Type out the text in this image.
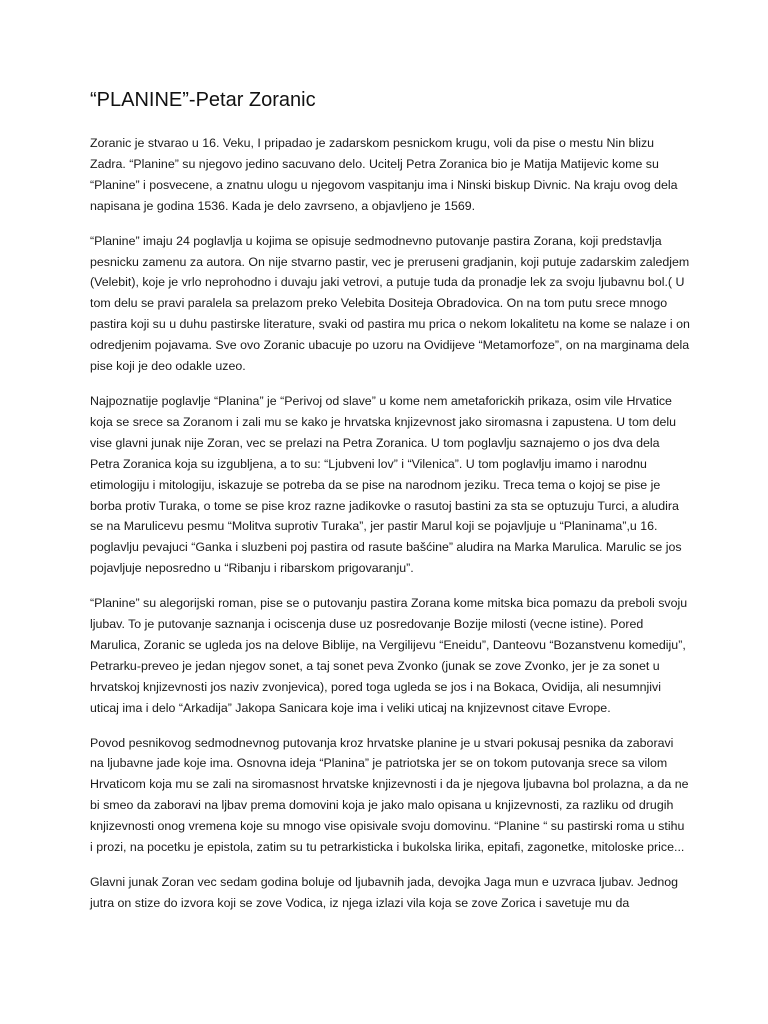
“PLANINE”-Petar Zoranic

Zoranic je stvarao u 16. Veku, I pripadao je zadarskom pesnickom krugu, voli da pise o mestu Nin blizu Zadra. “Planine” su njegovo jedino sacuvano delo. Ucitelj Petra Zoranica bio je Matija Matijevic kome su “Planine” i posvecene, a znatnu ulogu u njegovom vaspitanju ima i Ninski biskup Divnic. Na kraju ovog dela napisana je godina 1536. Kada je delo zavrseno, a objavljeno je 1569.

“Planine” imaju 24 poglavlja u kojima se opisuje sedmodnevno putovanje pastira Zorana, koji predstavlja pesnicku zamenu za autora. On nije stvarno pastir, vec je preruseni gradjanin, koji putuje zadarskim zaledjem (Velebit), koje je vrlo neprohodno i duvaju jaki vetrovi, a putuje tuda da pronadje lek za svoju ljubavnu bol.( U tom delu se pravi paralela sa prelazom preko Velebita Dositeja Obradovica. On na tom putu srece mnogo pastira koji su u duhu pastirske literature, svaki od pastira mu prica o nekom lokalitetu na kome se nalaze i on odredjenim pojavama. Sve ovo Zoranic ubacuje po uzoru na Ovidijeve “Metamorfoze”, on na marginama dela pise koji je deo odakle uzeo.

Najpoznatije poglavlje “Planina” je “Perivoj od slave” u kome nem ametaforickih prikaza, osim vile Hrvatice koja se srece sa Zoranom i zali mu se kako je hrvatska knjizevnost jako siromasna i zapustena. U tom delu vise glavni junak nije Zoran, vec se prelazi na Petra Zoranica. U tom poglavlju saznajemo o jos dva dela Petra Zoranica koja su izgubljena, a to su: “Ljubveni lov” i “Vilenica”. U tom poglavlju imamo i narodnu etimologiju i mitologiju, iskazuje se potreba da se pise na narodnom jeziku. Treca tema o kojoj se pise je borba protiv Turaka, o tome se pise kroz razne jadikovke o rasutoj bastini za sta se optuzuju Turci, a aludira se na Marulicevu pesmu “Molitva suprotiv Turaka”, jer pastir Marul koji se pojavljuje u “Planinama”,u 16. poglavlju pevajuci “Ganka i sluzbeni poj pastira od rasute bašćine” aludira na Marka Marulica. Marulic se jos pojavljuje neposredno u “Ribanju i ribarskom prigovaranju”.

“Planine” su alegorijski roman, pise se o putovanju pastira Zorana kome mitska bica pomazu da preboli svoju ljubav. To je putovanje saznanja i ociscenja duse uz posredovanje Bozije milosti (vecne istine). Pored Marulica, Zoranic se ugleda jos na delove Biblije, na Vergilijevu “Eneidu”, Danteovu “Bozanstvenu komediju”, Petrarku-preveo je jedan njegov sonet, a taj sonet peva Zvonko (junak se zove Zvonko, jer je za sonet u hrvatskoj knjizevnosti jos naziv zvonjevica), pored toga ugleda se jos i na Bokaca, Ovidija, ali nesumnjivi uticaj ima i delo “Arkadija” Jakopa Sanicara koje ima i veliki uticaj na knjizevnost citave Evrope.

Povod pesnikovog sedmodnevnog putovanja kroz hrvatske planine je u stvari pokusaj pesnika da zaboravi na ljubavne jade koje ima. Osnovna ideja “Planina” je patriotska jer se on tokom putovanja srece sa vilom Hrvaticom koja mu se zali na siromasnost hrvatske knjizevnosti i da je njegova ljubavna bol prolazna, a da ne bi smeo da zaboravi na ljbav prema domovini koja je jako malo opisana u knjizevnosti, za razliku od drugih knjizevnosti onog vremena koje su mnogo vise opisivale svoju domovinu. “Planine “ su pastirski roma u stihu i prozi, na pocetku je epistola, zatim su tu petrarkisticka i bukolska lirika, epitafi, zagonetke, mitoloske price...

Glavni junak Zoran vec sedam godina boluje od ljubavnih jada, devojka Jaga mun e uzvraca ljubav. Jednog jutra on stize do izvora koji se zove Vodica, iz njega izlazi vila koja se zove Zorica i savetuje mu da
